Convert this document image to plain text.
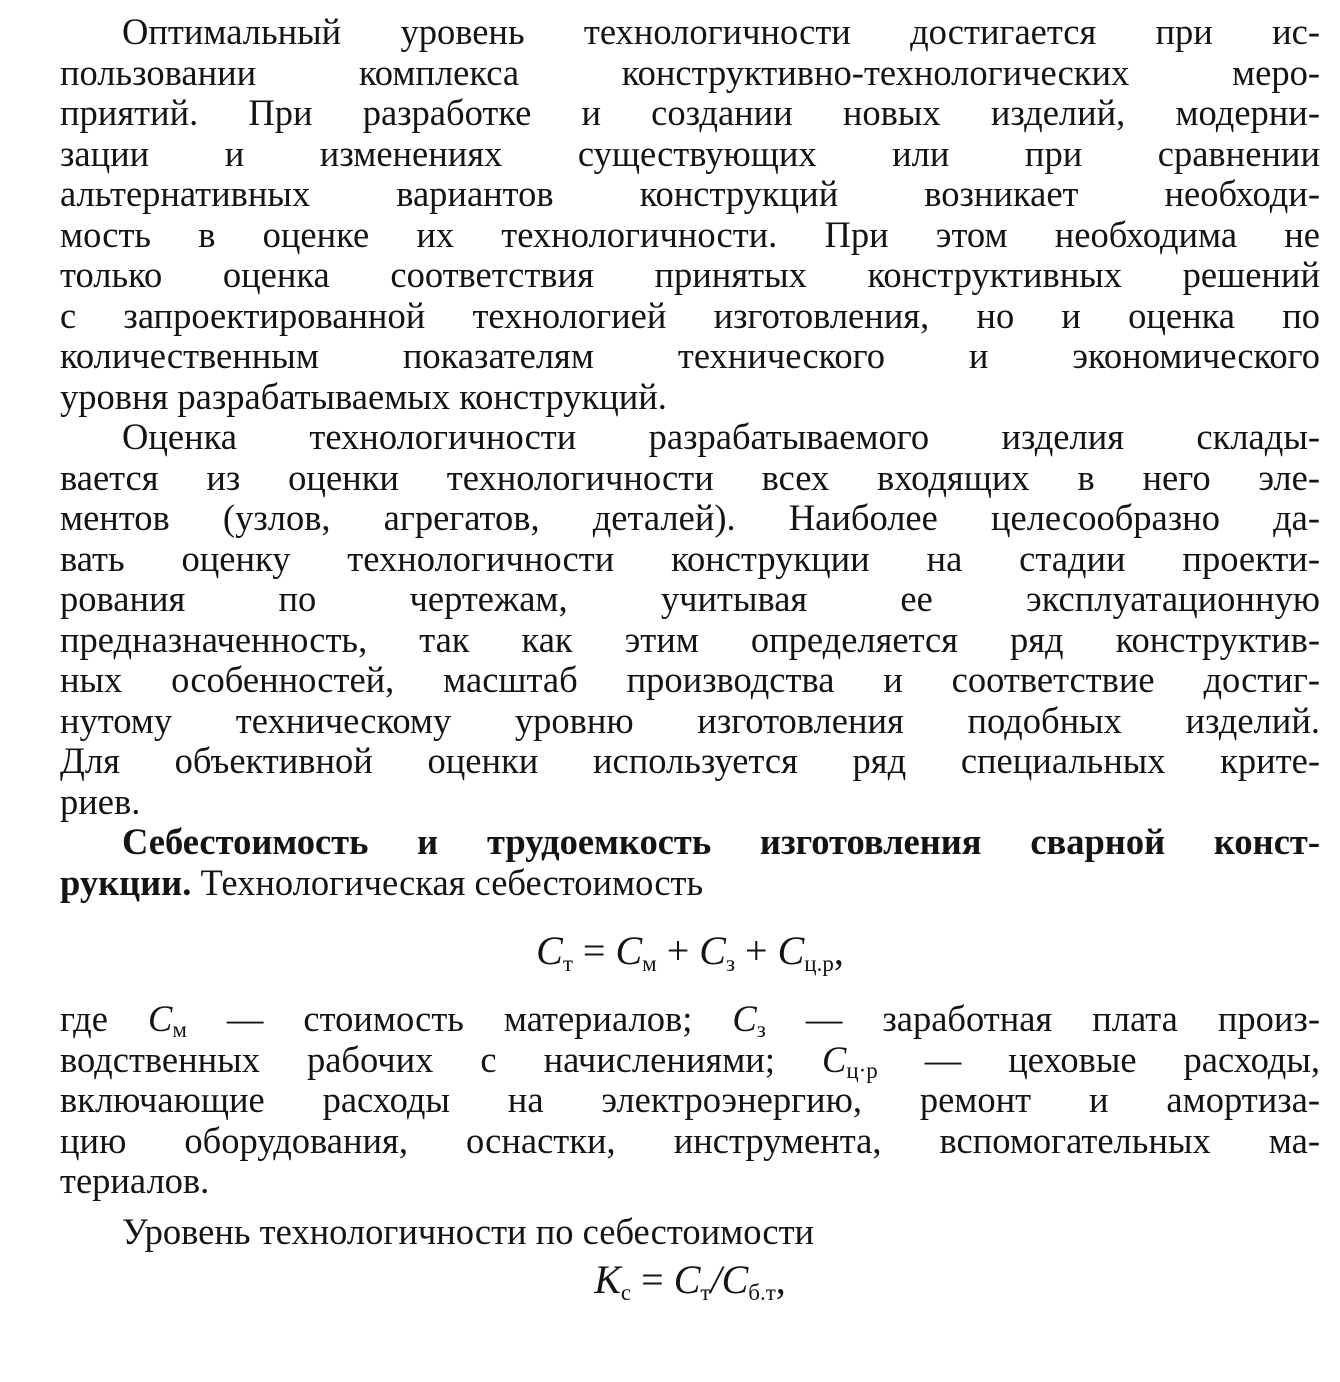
Оптимальный уровень технологичности достигается при ис-
пользовании комплекса конструктивно-технологических меро-
приятий. При разработке и создании новых изделий, модерни-
зации и изменениях существующих или при сравнении
альтернативных вариантов конструкций возникает необходи-
мость в оценке их технологичности. При этом необходима не
только оценка соответствия принятых конструктивных решений
с запроектированной технологией изготовления, но и оценка по
количественным показателям технического и экономического
уровня разрабатываемых конструкций.
Оценка технологичности разрабатываемого изделия склады-
вается из оценки технологичности всех входящих в него эле-
ментов (узлов, агрегатов, деталей). Наиболее целесообразно да-
вать оценку технологичности конструкции на стадии проекти-
рования по чертежам, учитывая ее эксплуатационную
предназначенность, так как этим определяется ряд конструктив-
ных особенностей, масштаб производства и соответствие достиг-
нутому техническому уровню изготовления подобных изделий.
Для объективной оценки используется ряд специальных крите-
риев.
Себестоимость и трудоемкость изготовления сварной конст-
рукции. Технологическая себестоимость
$C_т = C_м + C_з + C_{ц.р}$,
где Cм — стоимость материалов; Cз — заработная плата произ-
водственных рабочих с начислениями; Cц·р — цеховые расходы,
включающие расходы на электроэнергию, ремонт и амортиза-
цию оборудования, оснастки, инструмента, вспомогательных ма-
териалов.
Уровень технологичности по себестоимости
$K_с = C_т/C_{б.т}$,
